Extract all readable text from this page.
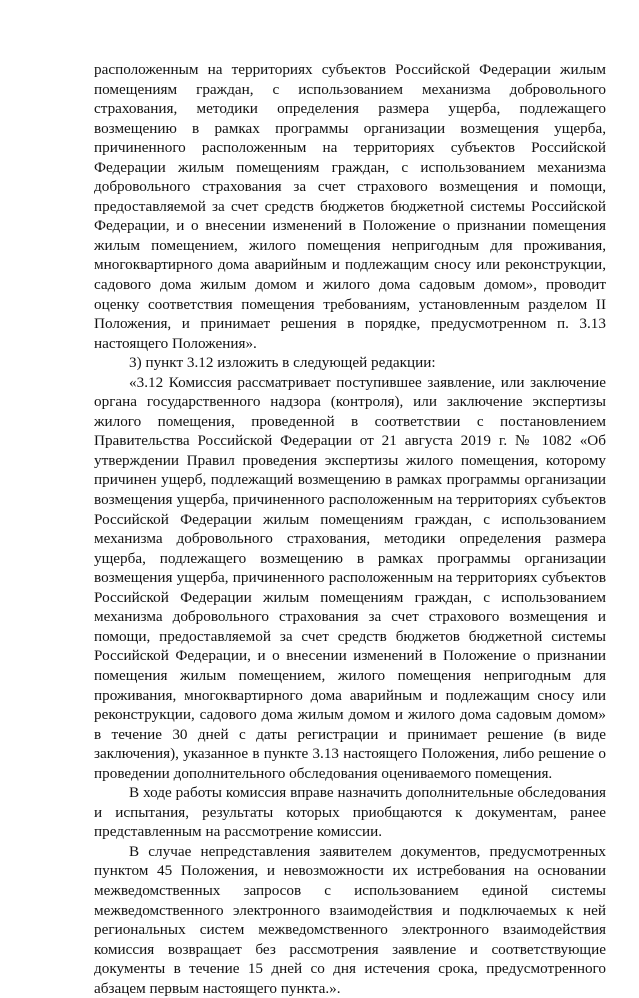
расположенным на территориях субъектов Российской Федерации жилым помещениям граждан, с использованием механизма добровольного страхования, методики определения размера ущерба, подлежащего возмещению в рамках программы организации возмещения ущерба, причиненного расположенным на территориях субъектов Российской Федерации жилым помещениям граждан, с использованием механизма добровольного страхования за счет страхового возмещения и помощи, предоставляемой за счет средств бюджетов бюджетной системы Российской Федерации, и о внесении изменений в Положение о признании помещения жилым помещением, жилого помещения непригодным для проживания, многоквартирного дома аварийным и подлежащим сносу или реконструкции, садового дома жилым домом и жилого дома садовым домом», проводит оценку соответствия помещения требованиям, установленным разделом II Положения, и принимает решения в порядке, предусмотренном п. 3.13 настоящего Положения».

3) пункт 3.12 изложить в следующей редакции:

«3.12 Комиссия рассматривает поступившее заявление, или заключение органа государственного надзора (контроля), или заключение экспертизы жилого помещения, проведенной в соответствии с постановлением Правительства Российской Федерации от 21 августа 2019 г. № 1082 «Об утверждении Правил проведения экспертизы жилого помещения, которому причинен ущерб, подлежащий возмещению в рамках программы организации возмещения ущерба, причиненного расположенным на территориях субъектов Российской Федерации жилым помещениям граждан, с использованием механизма добровольного страхования, методики определения размера ущерба, подлежащего возмещению в рамках программы организации возмещения ущерба, причиненного расположенным на территориях субъектов Российской Федерации жилым помещениям граждан, с использованием механизма добровольного страхования за счет страхового возмещения и помощи, предоставляемой за счет средств бюджетов бюджетной системы Российской Федерации, и о внесении изменений в Положение о признании помещения жилым помещением, жилого помещения непригодным для проживания, многоквартирного дома аварийным и подлежащим сносу или реконструкции, садового дома жилым домом и жилого дома садовым домом» в течение 30 дней с даты регистрации и принимает решение (в виде заключения), указанное в пункте 3.13 настоящего Положения, либо решение о проведении дополнительного обследования оцениваемого помещения.

В ходе работы комиссия вправе назначить дополнительные обследования и испытания, результаты которых приобщаются к документам, ранее представленным на рассмотрение комиссии.

В случае непредставления заявителем документов, предусмотренных пунктом 45 Положения, и невозможности их истребования на основании межведомственных запросов с использованием единой системы межведомственного электронного взаимодействия и подключаемых к ней региональных систем межведомственного электронного взаимодействия комиссия возвращает без рассмотрения заявление и соответствующие документы в течение 15 дней со дня истечения срока, предусмотренного абзацем первым настоящего пункта.».
